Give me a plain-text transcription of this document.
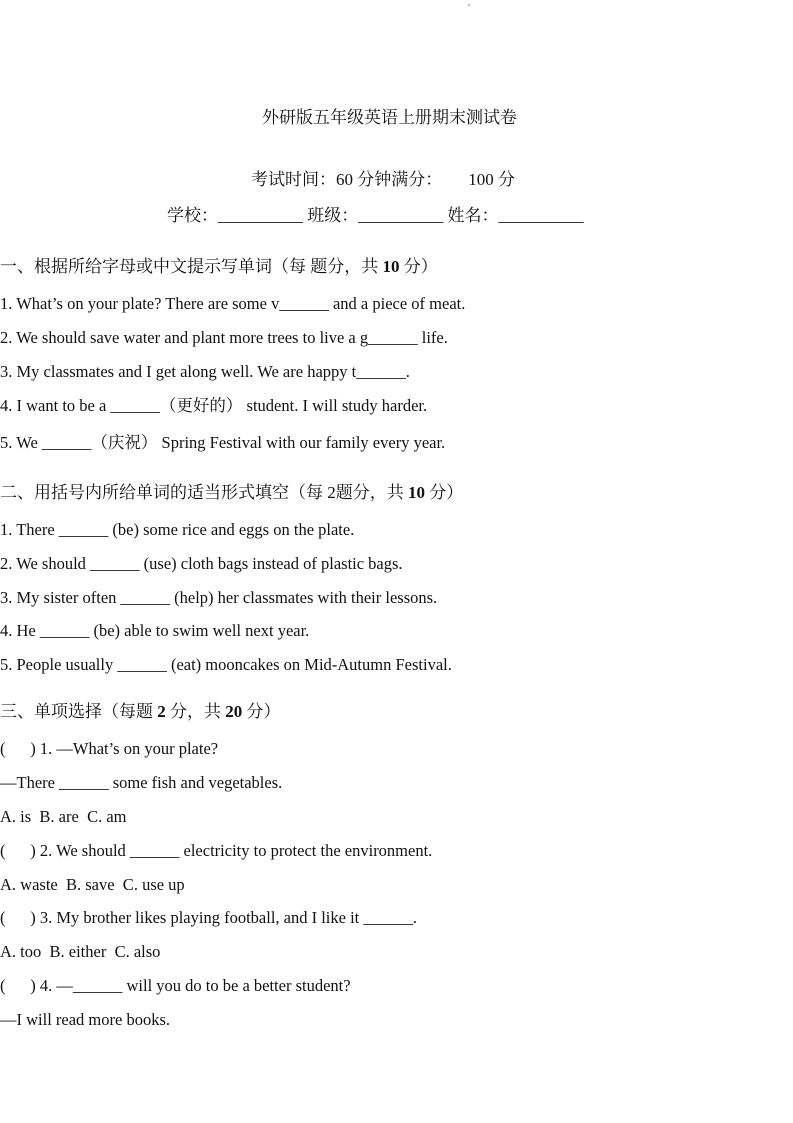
外研版五年级英语上册期末测试卷
考试时间：60 分钟满分： 100 分
学校：__________ 班级：__________ 姓名：__________
一、根据所给字母或中文提示写单词（每 题分，共 10 分）
1. What’s on your plate? There are some v______ and a piece of meat.
2. We should save water and plant more trees to live a g______ life.
3. My classmates and I get along well. We are happy t______.
4. I want to be a ______（更好的） student. I will study harder.
5. We ______（庆祝） Spring Festival with our family every year.
二、用括号内所给单词的适当形式填空（每 2题分，共 10 分）
1. There ______ (be) some rice and eggs on the plate.
2. We should ______ (use) cloth bags instead of plastic bags.
3. My sister often ______ (help) her classmates with their lessons.
4. He ______ (be) able to swim well next year.
5. People usually ______ (eat) mooncakes on Mid-Autumn Festival.
三、单项选择（每题 2 分，共 20 分）
(      ) 1. —What’s on your plate?
—There ______ some fish and vegetables.
A. is  B. are  C. am
(      ) 2. We should ______ electricity to protect the environment.
A. waste  B. save  C. use up
(      ) 3. My brother likes playing football, and I like it ______.
A. too  B. either  C. also
(      ) 4. —______ will you do to be a better student?
—I will read more books.
